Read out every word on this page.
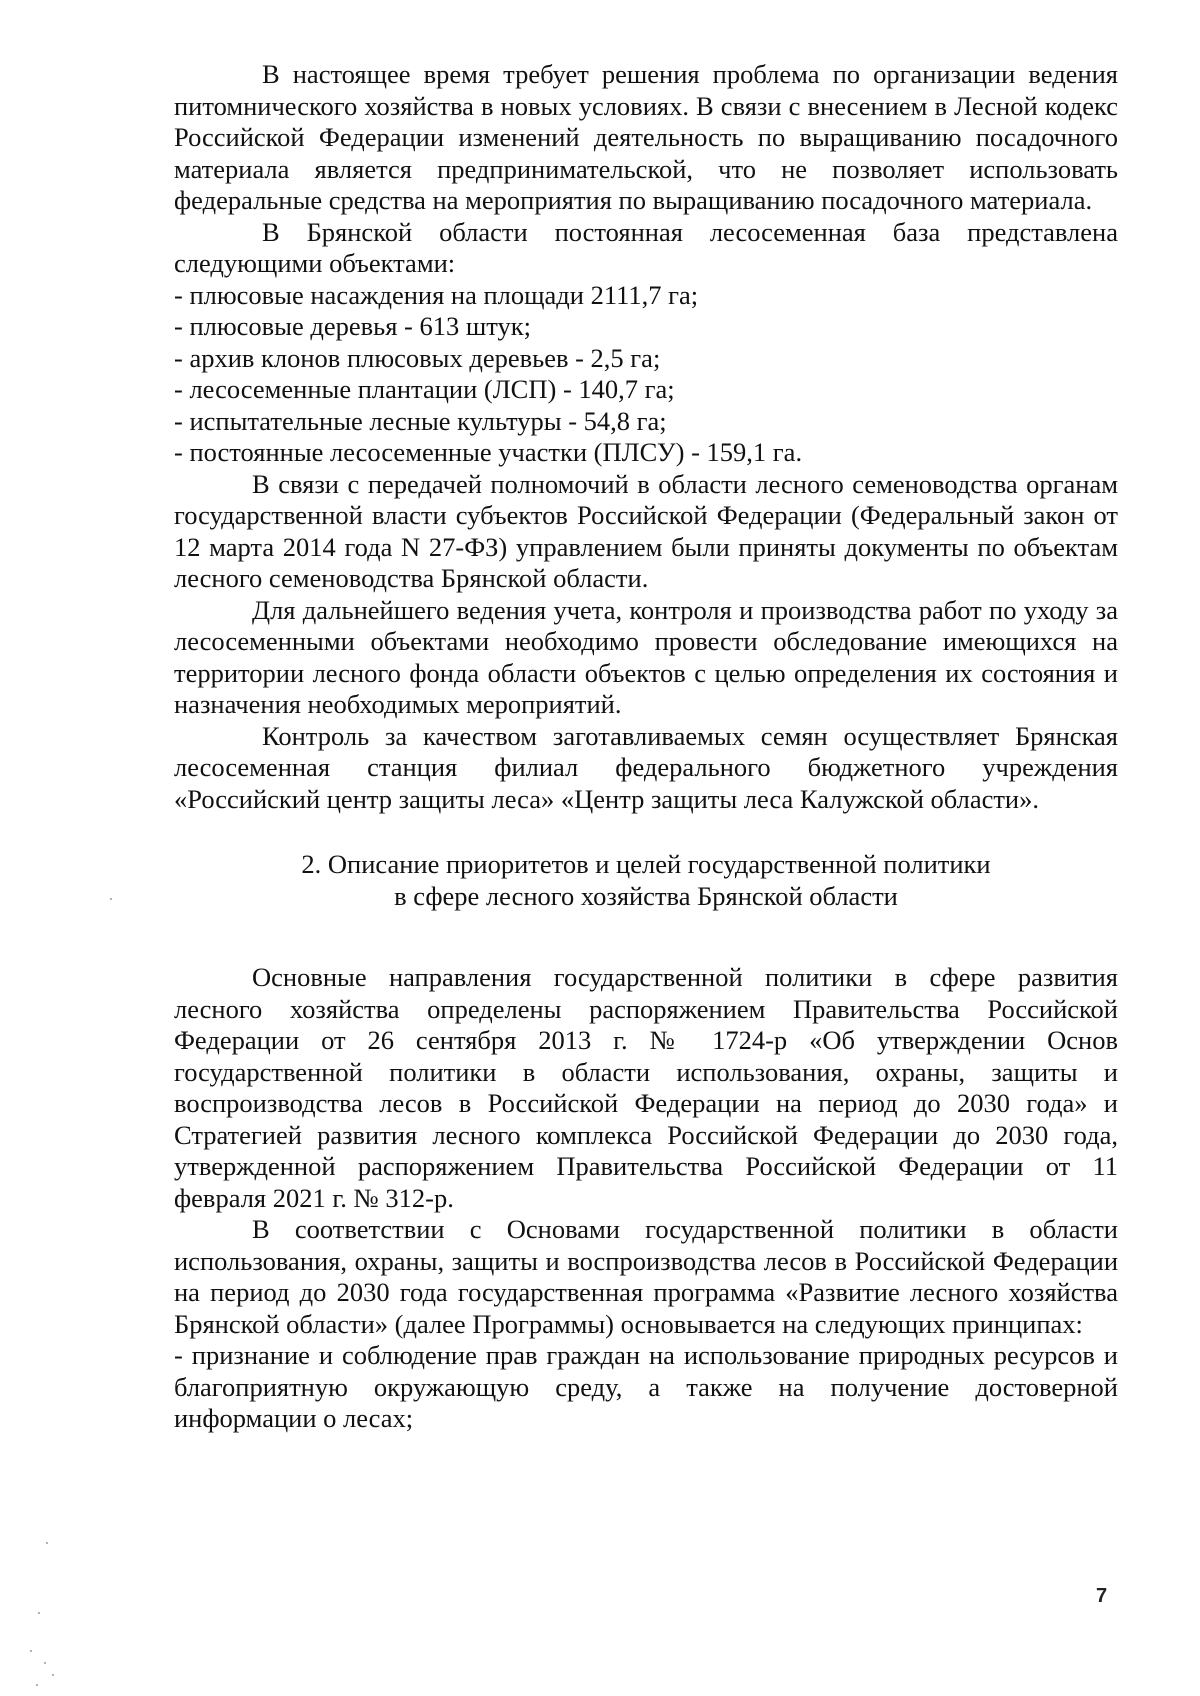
В настоящее время требует решения проблема по организации ведения питомнического хозяйства в новых условиях. В связи с внесением в Лесной кодекс Российской Федерации изменений деятельность по выращиванию посадочного материала является предпринимательской, что не позволяет использовать федеральные средства на мероприятия по выращиванию посадочного материала.

В Брянской области постоянная лесосеменная база представлена следующими объектами:

- плюсовые насаждения на площади 2111,7 га;

- плюсовые деревья - 613 штук;

- архив клонов плюсовых деревьев - 2,5 га;

- лесосеменные плантации (ЛСП) - 140,7 га;

- испытательные лесные культуры - 54,8 га;

- постоянные лесосеменные участки (ПЛСУ) - 159,1 га.

В связи с передачей полномочий в области лесного семеноводства органам государственной власти субъектов Российской Федерации (Федеральный закон от 12 марта 2014 года N 27-ФЗ) управлением были приняты документы по объектам лесного семеноводства Брянской области.

Для дальнейшего ведения учета, контроля и производства работ по уходу за лесосеменными объектами необходимо провести обследование имеющихся на территории лесного фонда области объектов с целью определения их состояния и назначения необходимых мероприятий.

Контроль за качеством заготавливаемых семян осуществляет Брянская лесосеменная станция филиал федерального бюджетного учреждения «Российский центр защиты леса» «Центр защиты леса Калужской области».

2. Описание приоритетов и целей государственной политики
в сфере лесного хозяйства Брянской области

Основные направления государственной политики в сфере развития лесного хозяйства определены распоряжением Правительства Российской Федерации от 26 сентября 2013 г. № 1724-р «Об утверждении Основ государственной политики в области использования, охраны, защиты и воспроизводства лесов в Российской Федерации на период до 2030 года» и Стратегией развития лесного комплекса Российской Федерации до 2030 года, утвержденной распоряжением Правительства Российской Федерации от 11 февраля 2021 г. № 312-р.

В соответствии с Основами государственной политики в области использования, охраны, защиты и воспроизводства лесов в Российской Федерации на период до 2030 года государственная программа «Развитие лесного хозяйства Брянской области» (далее Программы) основывается на следующих принципах:

- признание и соблюдение прав граждан на использование природных ресурсов и благоприятную окружающую среду, а также на получение достоверной информации о лесах;

7
